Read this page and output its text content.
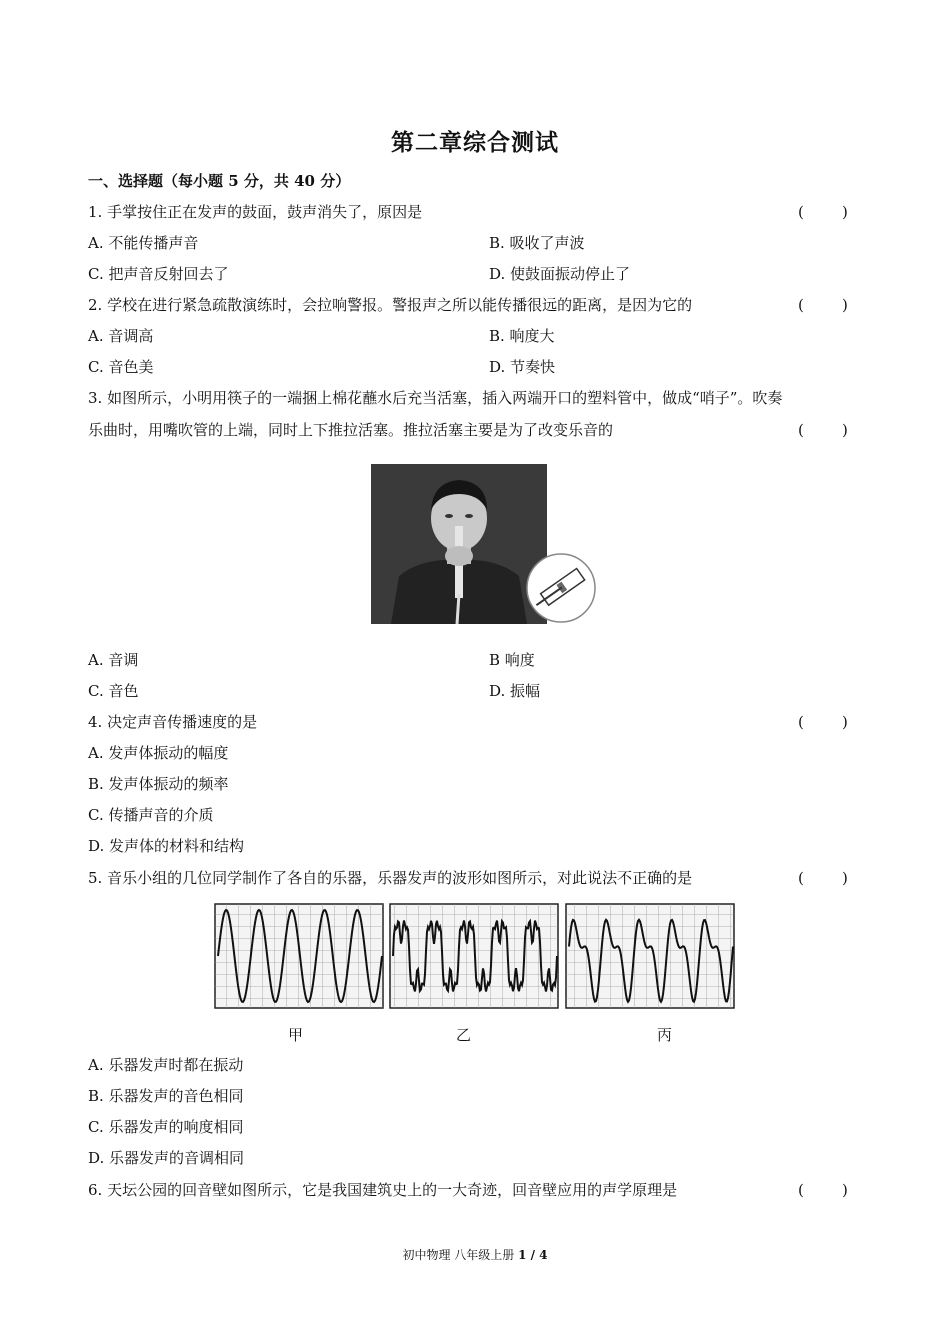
第二章综合测试
一、选择题（每小题 5 分，共 40 分）
1. 手掌按住正在发声的鼓面，鼓声消失了，原因是	(        )
A. 不能传播声音	B. 吸收了声波
C. 把声音反射回去了	D. 使鼓面振动停止了
2. 学校在进行紧急疏散演练时，会拉响警报。警报声之所以能传播很远的距离，是因为它的	(        )
A. 音调高	B. 响度大
C. 音色美	D. 节奏快
3. 如图所示，小明用筷子的一端捆上棉花蘸水后充当活塞，插入两端开口的塑料管中，做成“哨子”。吹奏
乐曲时，用嘴吹管的上端，同时上下推拉活塞。推拉活塞主要是为了改变乐音的	(        )
A. 音调	B 响度
C. 音色	D. 振幅
4. 决定声音传播速度的是	(        )
A. 发声体振动的幅度
B. 发声体振动的频率
C. 传播声音的介质
D. 发声体的材料和结构
5. 音乐小组的几位同学制作了各自的乐器，乐器发声的波形如图所示，对此说法不正确的是	(        )
甲	乙	丙
A. 乐器发声时都在振动
B. 乐器发声的音色相同
C. 乐器发声的响度相同
D. 乐器发声的音调相同
6. 天坛公园的回音壁如图所示，它是我国建筑史上的一大奇迹，回音壁应用的声学原理是	(        )
初中物理 八年级上册 1 / 4
